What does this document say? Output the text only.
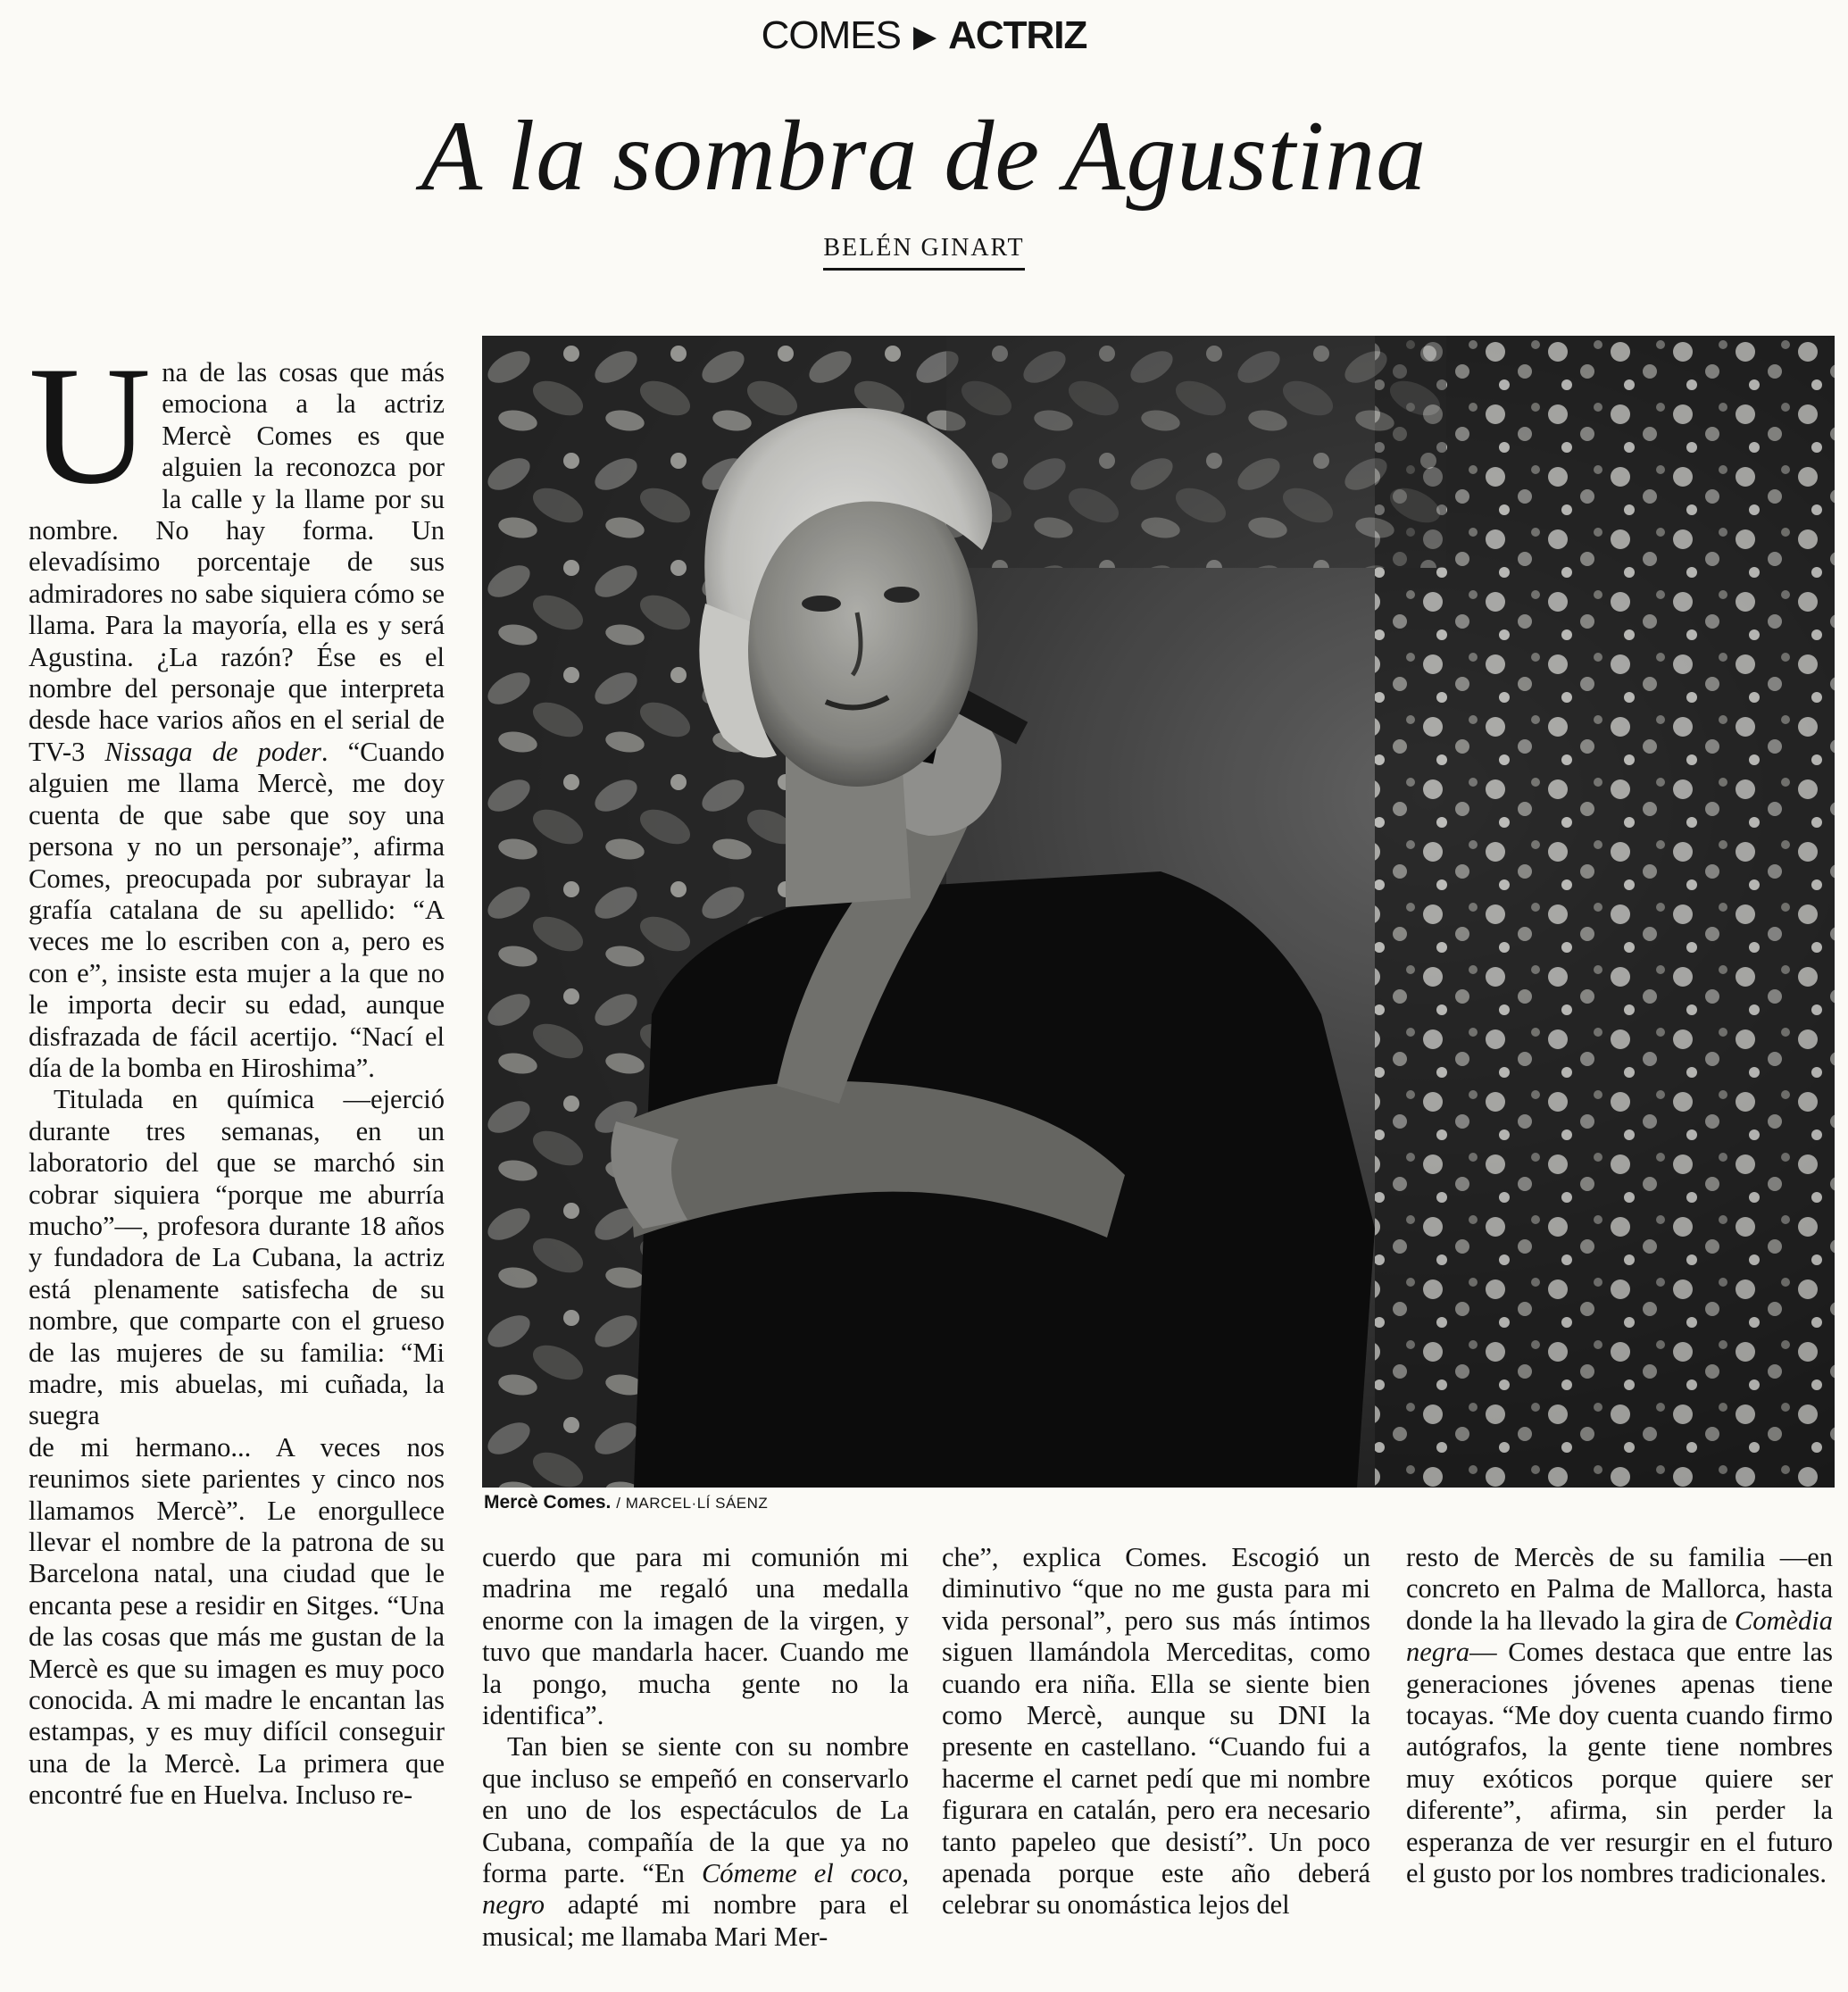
COMES ▶ ACTRIZ
A la sombra de Agustina
BELÉN GINART

Una de las cosas que más emociona a la actriz Mercè Comes es que alguien la reconozca por la calle y la llame por su nombre. No hay forma. Un elevadísimo porcentaje de sus admiradores no sabe siquiera cómo se llama. Para la mayoría, ella es y será Agustina. ¿La razón? Ése es el nombre del personaje que interpreta desde hace varios años en el serial de TV-3 Nissaga de poder. “Cuando alguien me llama Mercè, me doy cuenta de que sabe que soy una persona y no un personaje”, afirma Comes, preocupada por subrayar la grafía catalana de su apellido: “A veces me lo escriben con a, pero es con e”, insiste esta mujer a la que no le importa decir su edad, aunque disfrazada de fácil acertijo. “Nací el día de la bomba en Hiroshima”.

Titulada en química —ejerció durante tres semanas, en un laboratorio del que se marchó sin cobrar siquiera “porque me aburría mucho”—, profesora durante 18 años y fundadora de La Cubana, la actriz está plenamente satisfecha de su nombre, que comparte con el grueso de las mujeres de su familia: “Mi madre, mis abuelas, mi cuñada, la suegra

de mi hermano... A veces nos reunimos siete parientes y cinco nos llamamos Mercè”. Le enorgullece llevar el nombre de la patrona de su Barcelona natal, una ciudad que le encanta pese a residir en Sitges. “Una de las cosas que más me gustan de la Mercè es que su imagen es muy poco conocida. A mi madre le encantan las estampas, y es muy difícil conseguir una de la Mercè. La primera que encontré fue en Huelva. Incluso re-

Mercè Comes. / MARCEL·LÍ SÁENZ

cuerdo que para mi comunión mi madrina me regaló una medalla enorme con la imagen de la virgen, y tuvo que mandarla hacer. Cuando me la pongo, mucha gente no la identifica”.

Tan bien se siente con su nombre que incluso se empeñó en conservarlo en uno de los espectáculos de La Cubana, compañía de la que ya no forma parte. “En Cómeme el coco, negro adapté mi nombre para el musical; me llamaba Mari Mer-

che”, explica Comes. Escogió un diminutivo “que no me gusta para mi vida personal”, pero sus más íntimos siguen llamándola Merceditas, como cuando era niña. Ella se siente bien como Mercè, aunque su DNI la presente en castellano. “Cuando fui a hacerme el carnet pedí que mi nombre figurara en catalán, pero era necesario tanto papeleo que desistí”. Un poco apenada porque este año deberá celebrar su onomástica lejos del

resto de Mercès de su familia —en concreto en Palma de Mallorca, hasta donde la ha llevado la gira de Comèdia negra— Comes destaca que entre las generaciones jóvenes apenas tiene tocayas. “Me doy cuenta cuando firmo autógrafos, la gente tiene nombres muy exóticos porque quiere ser diferente”, afirma, sin perder la esperanza de ver resurgir en el futuro el gusto por los nombres tradicionales.
